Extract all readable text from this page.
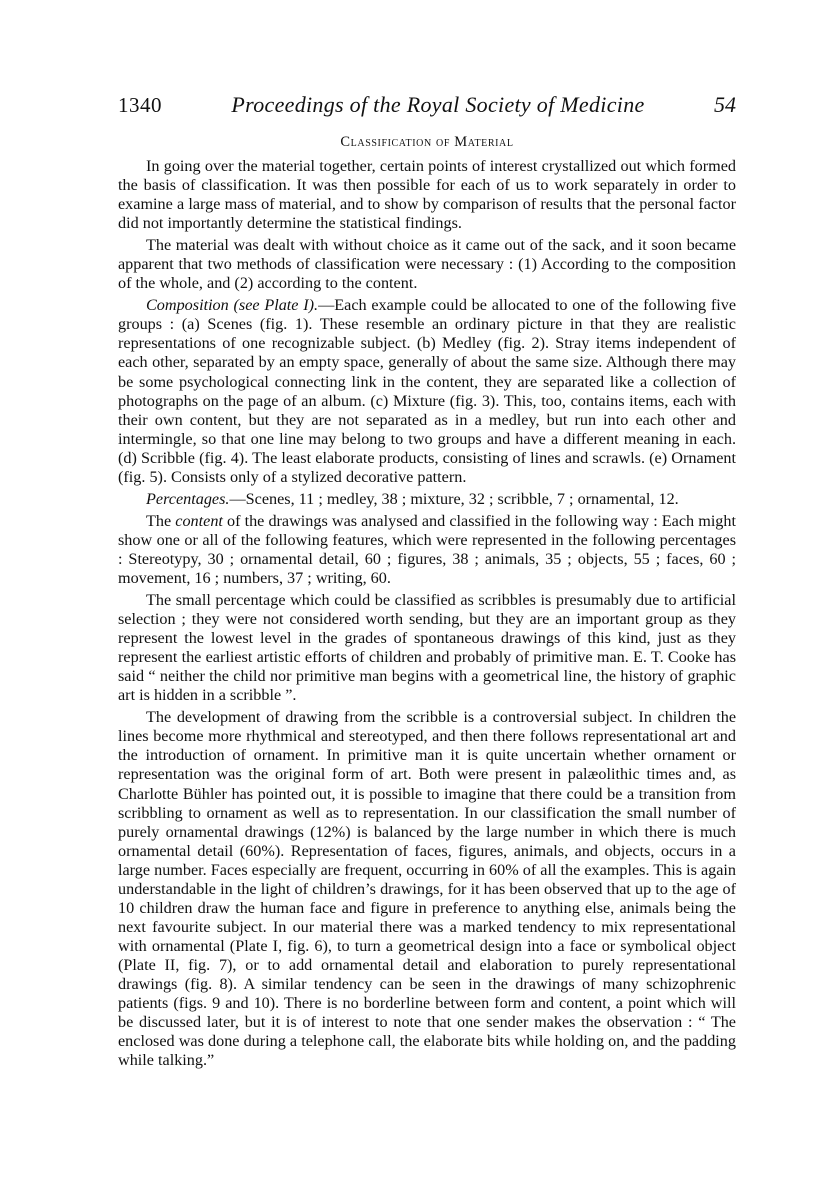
1340	Proceedings of the Royal Society of Medicine	54
Classification of Material

In going over the material together, certain points of interest crystallized out which formed the basis of classification. It was then possible for each of us to work separately in order to examine a large mass of material, and to show by comparison of results that the personal factor did not importantly determine the statistical findings.

The material was dealt with without choice as it came out of the sack, and it soon became apparent that two methods of classification were necessary : (1) According to the composition of the whole, and (2) according to the content.

Composition (see Plate I).—Each example could be allocated to one of the following five groups : (a) Scenes (fig. 1). These resemble an ordinary picture in that they are realistic representations of one recognizable subject. (b) Medley (fig. 2). Stray items independent of each other, separated by an empty space, generally of about the same size. Although there may be some psychological connecting link in the content, they are separated like a collection of photographs on the page of an album. (c) Mixture (fig. 3). This, too, contains items, each with their own content, but they are not separated as in a medley, but run into each other and intermingle, so that one line may belong to two groups and have a different meaning in each. (d) Scribble (fig. 4). The least elaborate products, consisting of lines and scrawls. (e) Ornament (fig. 5). Consists only of a stylized decorative pattern.

Percentages.—Scenes, 11 ; medley, 38 ; mixture, 32 ; scribble, 7 ; ornamental, 12.

The content of the drawings was analysed and classified in the following way : Each might show one or all of the following features, which were represented in the following percentages : Stereotypy, 30 ; ornamental detail, 60 ; figures, 38 ; animals, 35 ; objects, 55 ; faces, 60 ; movement, 16 ; numbers, 37 ; writing, 60.

The small percentage which could be classified as scribbles is presumably due to artificial selection ; they were not considered worth sending, but they are an important group as they represent the lowest level in the grades of spontaneous drawings of this kind, just as they represent the earliest artistic efforts of children and probably of primitive man. E. T. Cooke has said “ neither the child nor primitive man begins with a geometrical line, the history of graphic art is hidden in a scribble ”.

The development of drawing from the scribble is a controversial subject. In children the lines become more rhythmical and stereotyped, and then there follows representational art and the introduction of ornament. In primitive man it is quite uncertain whether ornament or representation was the original form of art. Both were present in palæolithic times and, as Charlotte Bühler has pointed out, it is possible to imagine that there could be a transition from scribbling to ornament as well as to representation. In our classification the small number of purely ornamental drawings (12%) is balanced by the large number in which there is much ornamental detail (60%). Representation of faces, figures, animals, and objects, occurs in a large number. Faces especially are frequent, occurring in 60% of all the examples. This is again understandable in the light of children’s drawings, for it has been observed that up to the age of 10 children draw the human face and figure in preference to anything else, animals being the next favourite subject. In our material there was a marked tendency to mix representational with ornamental (Plate I, fig. 6), to turn a geometrical design into a face or symbolical object (Plate II, fig. 7), or to add ornamental detail and elaboration to purely representational drawings (fig. 8). A similar tendency can be seen in the drawings of many schizophrenic patients (figs. 9 and 10). There is no borderline between form and content, a point which will be discussed later, but it is of interest to note that one sender makes the observation : “ The enclosed was done during a telephone call, the elaborate bits while holding on, and the padding while talking.”
